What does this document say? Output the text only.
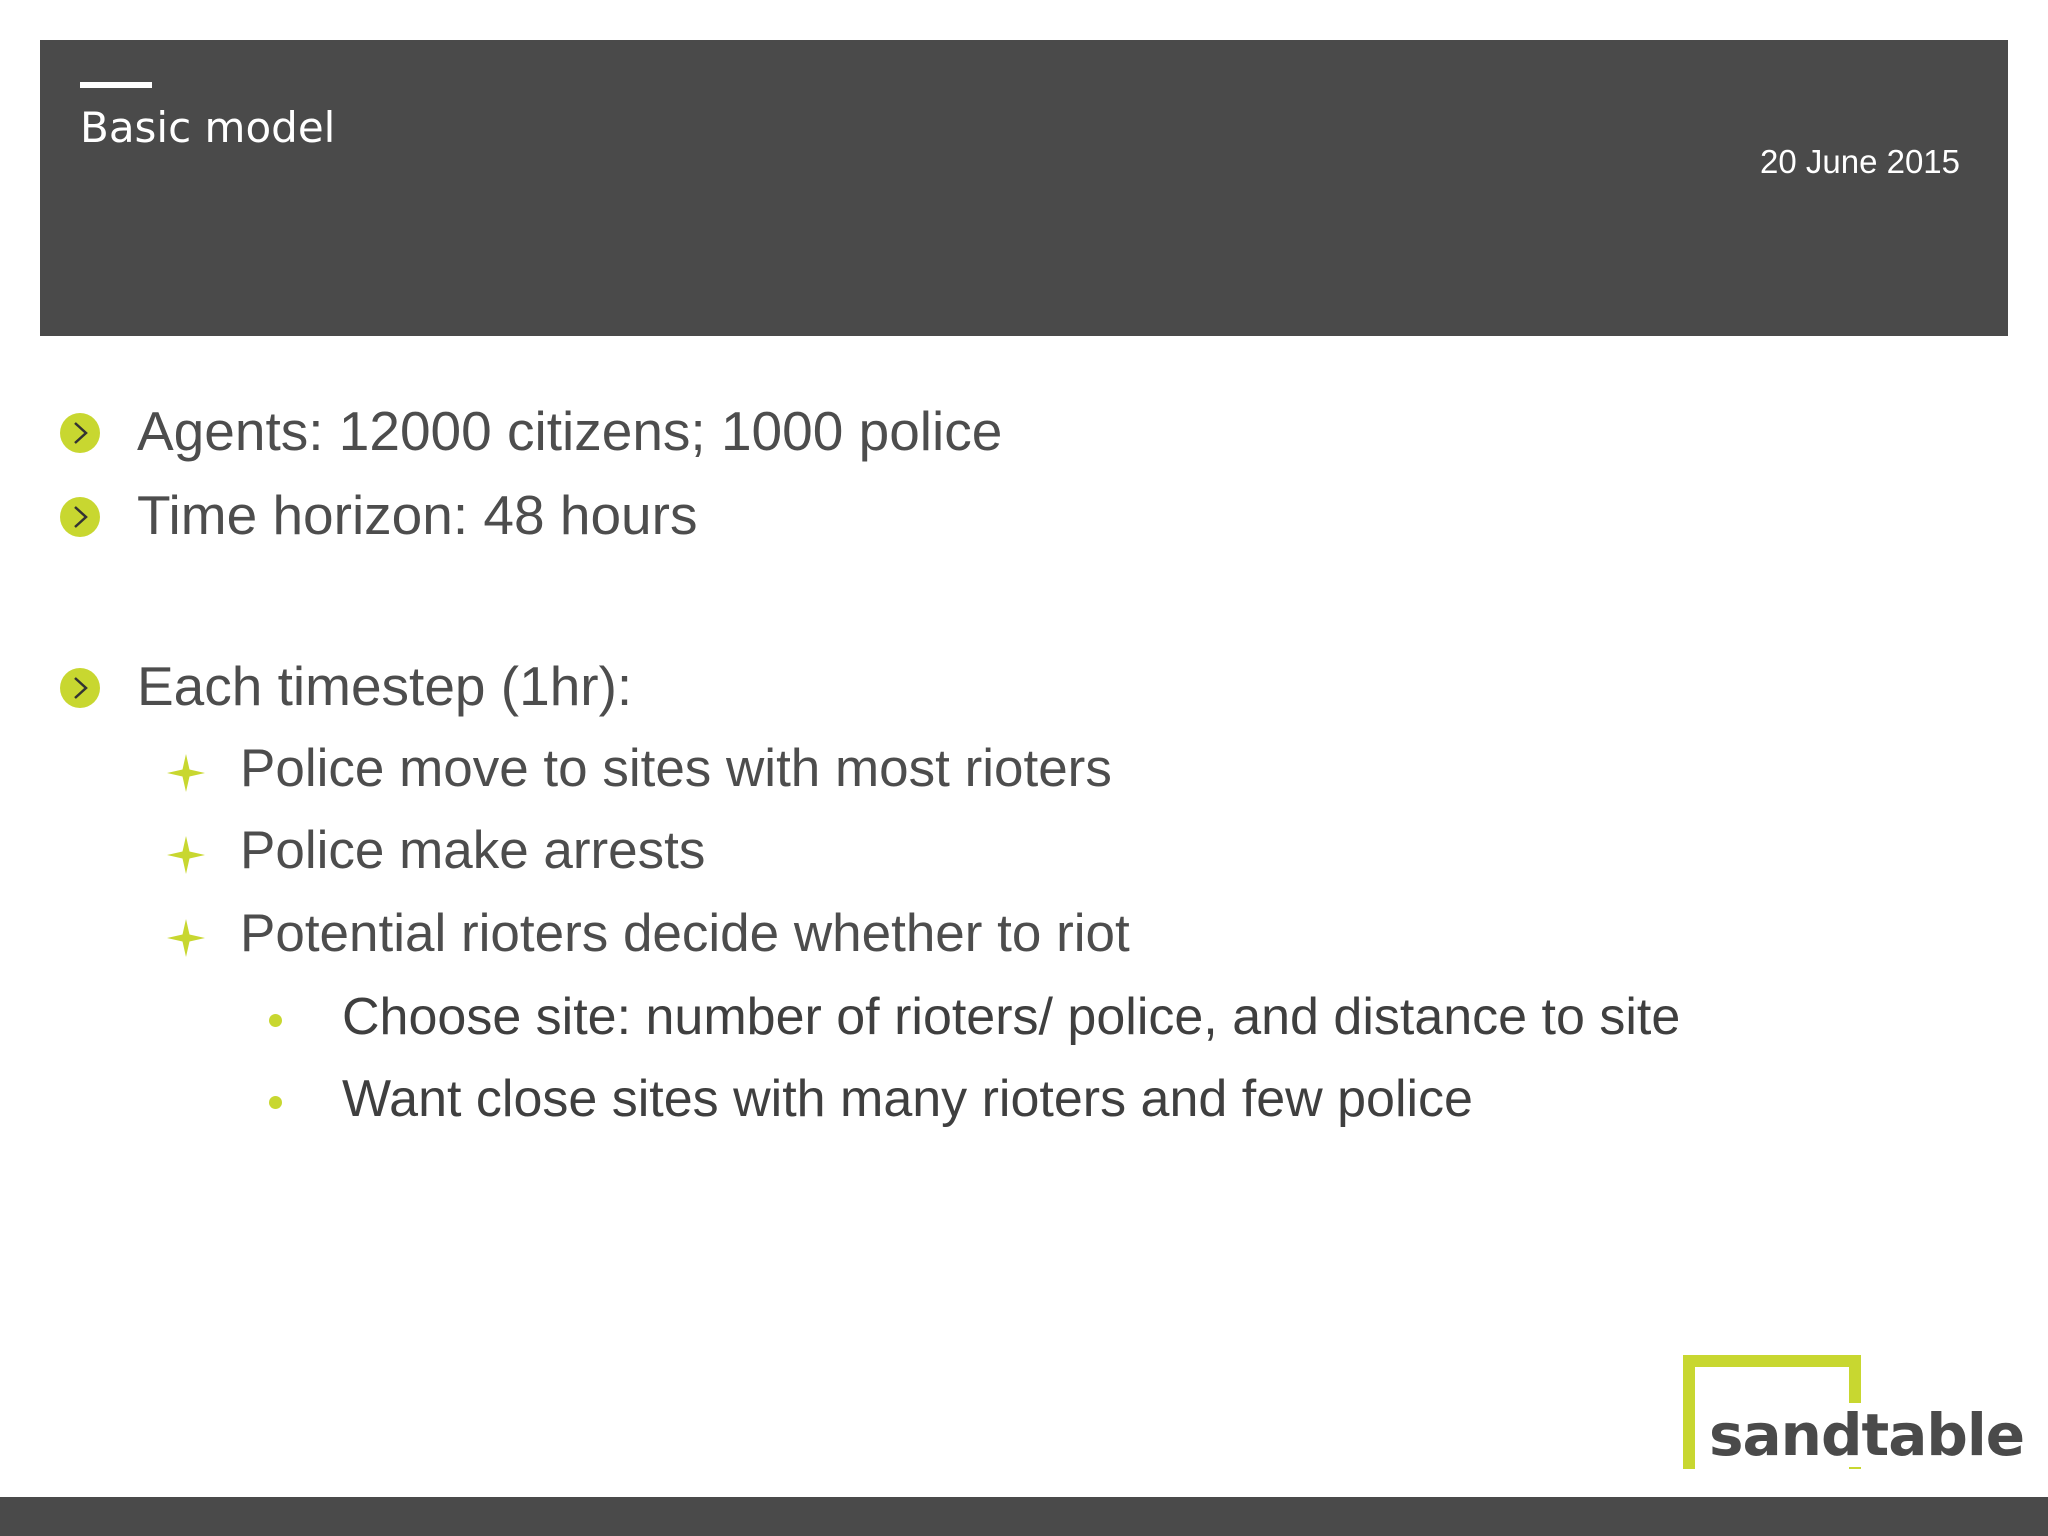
Basic model
20 June 2015
Agents: 12000 citizens; 1000 police
Time horizon: 48 hours
Each timestep (1hr):
Police move to sites with most rioters
Police make arrests
Potential rioters decide whether to riot
Choose site: number of rioters/ police, and distance to site
Want close sites with many rioters and few police
sandtable
